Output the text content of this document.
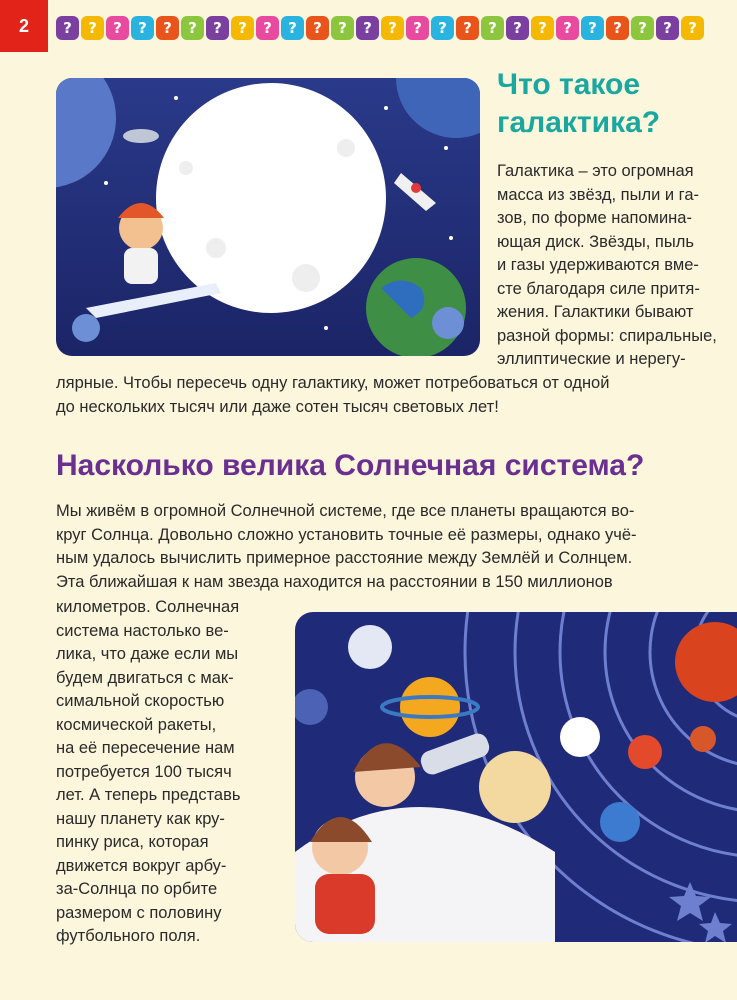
2	?	?	?	?	?	?	?	?	?	?	?	?	?	?	?	?	?	?	?	?	?	?	?	?	?	?
Что такое
галактика?
Галактика – это огромная
масса из звёзд, пыли и га-
зов, по форме напомина-
ющая диск. Звёзды, пыль
и газы удерживаются вме-
сте благодаря силе притя-
жения. Галактики бывают
разной формы: спиральные,
эллиптические и нерегу-
лярные. Чтобы пересечь одну галактику, может потребоваться от одной
до нескольких тысяч или даже сотен тысяч световых лет!
Насколько велика Солнечная система?
Мы живём в огромной Солнечной системе, где все планеты вращаются во-
круг Солнца. Довольно сложно установить точные её размеры, однако учё-
ным удалось вычислить примерное расстояние между Землёй и Солнцем.
Эта ближайшая к нам звезда находится на расстоянии в 150 миллионов
километров. Солнечная
система настолько ве-
лика, что даже если мы
будем двигаться с мак-
симальной скоростью
космической ракеты,
на её пересечение нам
потребуется 100 тысяч
лет. А теперь представь
нашу планету как кру-
пинку риса, которая
движется вокруг арбу-
за-Солнца по орбите
размером с половину
футбольного поля.
